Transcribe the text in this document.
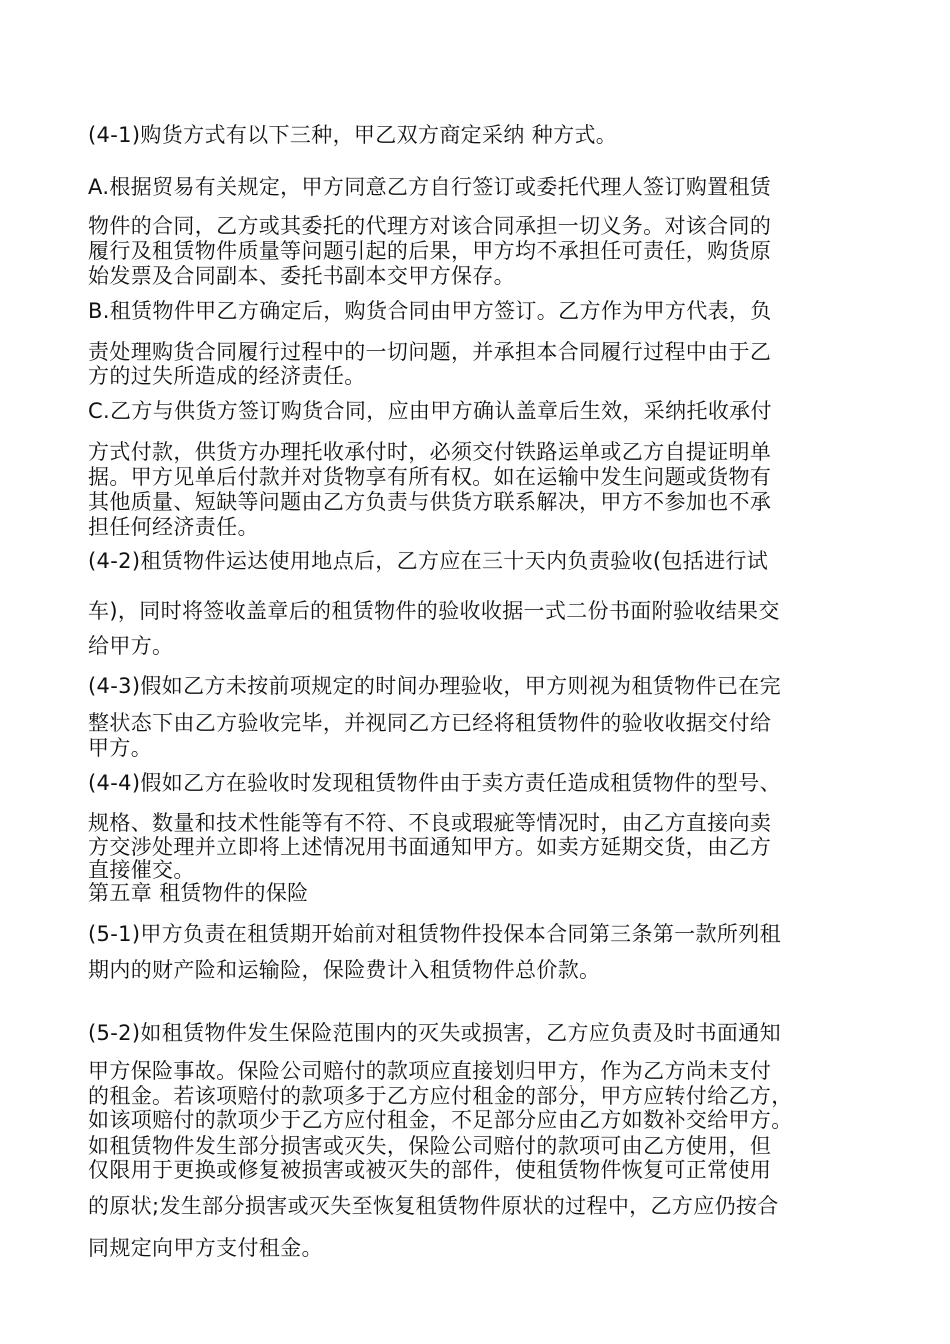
(4-1)购货方式有以下三种，甲乙双方商定采纳 种方式。
A.根据贸易有关规定，甲方同意乙方自行签订或委托代理人签订购置租赁
物件的合同，乙方或其委托的代理方对该合同承担一切义务。对该合同的
履行及租赁物件质量等问题引起的后果，甲方均不承担任可责任，购货原
始发票及合同副本、委托书副本交甲方保存。
B.租赁物件甲乙方确定后，购货合同由甲方签订。乙方作为甲方代表，负
责处理购货合同履行过程中的一切问题，并承担本合同履行过程中由于乙
方的过失所造成的经济责任。
C.乙方与供货方签订购货合同，应由甲方确认盖章后生效，采纳托收承付
方式付款，供货方办理托收承付时，必须交付铁路运单或乙方自提证明单
据。甲方见单后付款并对货物享有所有权。如在运输中发生问题或货物有
其他质量、短缺等问题由乙方负责与供货方联系解决，甲方不参加也不承
担任何经济责任。
(4-2)租赁物件运达使用地点后，乙方应在三十天内负责验收(包括进行试
车)，同时将签收盖章后的租赁物件的验收收据一式二份书面附验收结果交
给甲方。
(4-3)假如乙方未按前项规定的时间办理验收，甲方则视为租赁物件已在完
整状态下由乙方验收完毕，并视同乙方已经将租赁物件的验收收据交付给
甲方。
(4-4)假如乙方在验收时发现租赁物件由于卖方责任造成租赁物件的型号、
规格、数量和技术性能等有不符、不良或瑕疵等情况时，由乙方直接向卖
方交涉处理并立即将上述情况用书面通知甲方。如卖方延期交货，由乙方
直接催交。
第五章 租赁物件的保险
(5-1)甲方负责在租赁期开始前对租赁物件投保本合同第三条第一款所列租
期内的财产险和运输险，保险费计入租赁物件总价款。
(5-2)如租赁物件发生保险范围内的灭失或损害，乙方应负责及时书面通知
甲方保险事故。保险公司赔付的款项应直接划归甲方，作为乙方尚未支付
的租金。若该项赔付的款项多于乙方应付租金的部分，甲方应转付给乙方，
如该项赔付的款项少于乙方应付租金，不足部分应由乙方如数补交给甲方。
如租赁物件发生部分损害或灭失，保险公司赔付的款项可由乙方使用，但
仅限用于更换或修复被损害或被灭失的部件，使租赁物件恢复可正常使用
的原状;发生部分损害或灭失至恢复租赁物件原状的过程中，乙方应仍按合
同规定向甲方支付租金。
